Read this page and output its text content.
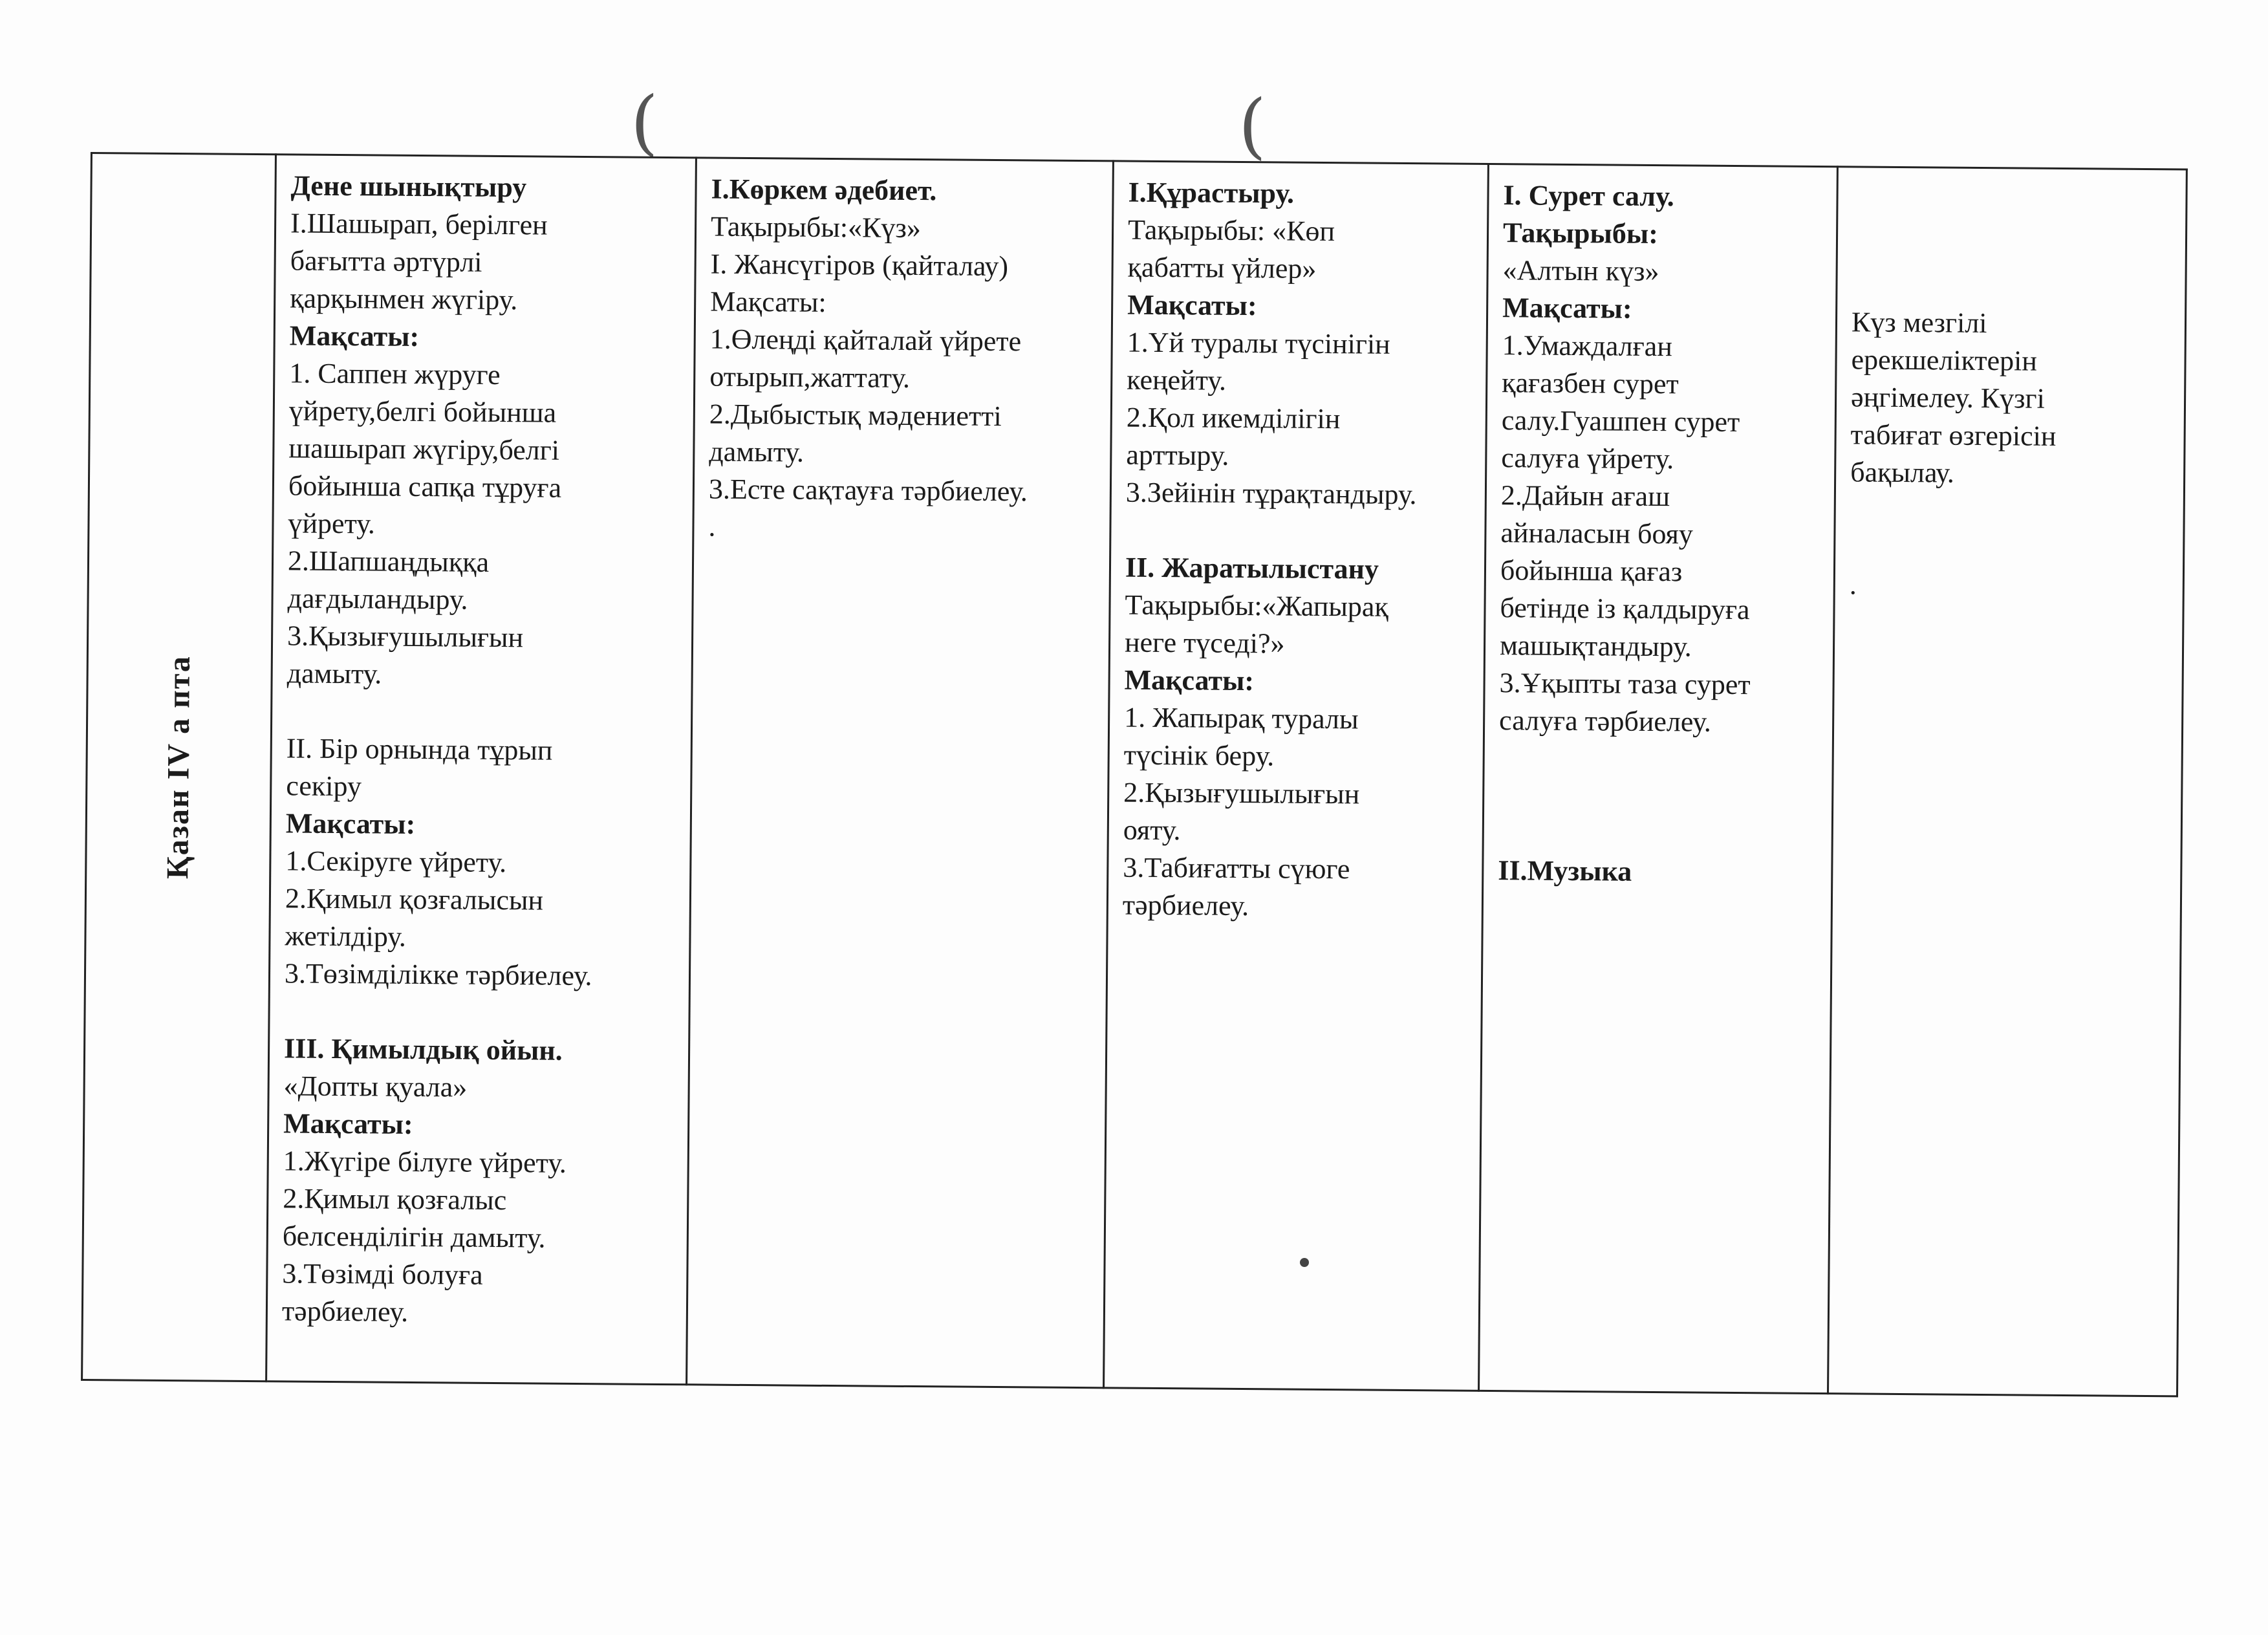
(	(
Қазан IV а пта

Дене шынықтыру
І.Шашырап, берілген
бағытта әртүрлі
қарқынмен жүгіру.
Мақсаты:
1. Саппен жүруге
үйрету,белгі бойынша
шашырап жүгіру,белгі
бойынша сапқа тұруға
үйрету.
2.Шапшаңдыққа
дағдыландыру.
3.Қызығушылығын
дамыту.
ІІ. Бір орнында тұрып
секіру
Мақсаты:
1.Секіруге үйрету.
2.Қимыл қозғалысын
жетілдіру.
3.Төзімділікке тәрбиелеу.
ІІІ. Қимылдық ойын.
«Допты қуала»
Мақсаты:
1.Жүгіре білуге үйрету.
2.Қимыл қозғалыс
белсенділігін дамыту.
3.Төзімді болуға
тәрбиелеу.

І.Көркем әдебиет.
Тақырыбы:«Күз»
І. Жансүгіров (қайталау)
Мақсаты:
1.Өлеңді қайталай үйрете
отырып,жаттату.
2.Дыбыстық мәдениетті
дамыту.
3.Есте сақтауға тәрбиелеу.
.

І.Құрастыру.
Тақырыбы: «Көп
қабатты үйлер»
Мақсаты:
1.Үй туралы түсінігін
кеңейту.
2.Қол икемділігін
арттыру.
3.Зейінін тұрақтандыру.
ІІ. Жаратылыстану
Тақырыбы:«Жапырақ
неге түседі?»
Мақсаты:
1. Жапырақ туралы
түсінік беру.
2.Қызығушылығын
ояту.
3.Табиғатты сүюге
тәрбиелеу.

І. Сурет салу.
Тақырыбы:
«Алтын күз»
Мақсаты:
1.Умаждалған
қағазбен сурет
салу.Гуашпен сурет
салуға үйрету.
2.Дайын ағаш
айналасын бояу
бойынша қағаз
бетінде із қалдыруға
машықтандыру.
3.Ұқыпты таза сурет
салуға тәрбиелеу.
ІІ.Музыка

Күз мезгілі
ерекшеліктерін
әңгімелеу. Күзгі
табиғат өзгерісін
бақылау.
.
